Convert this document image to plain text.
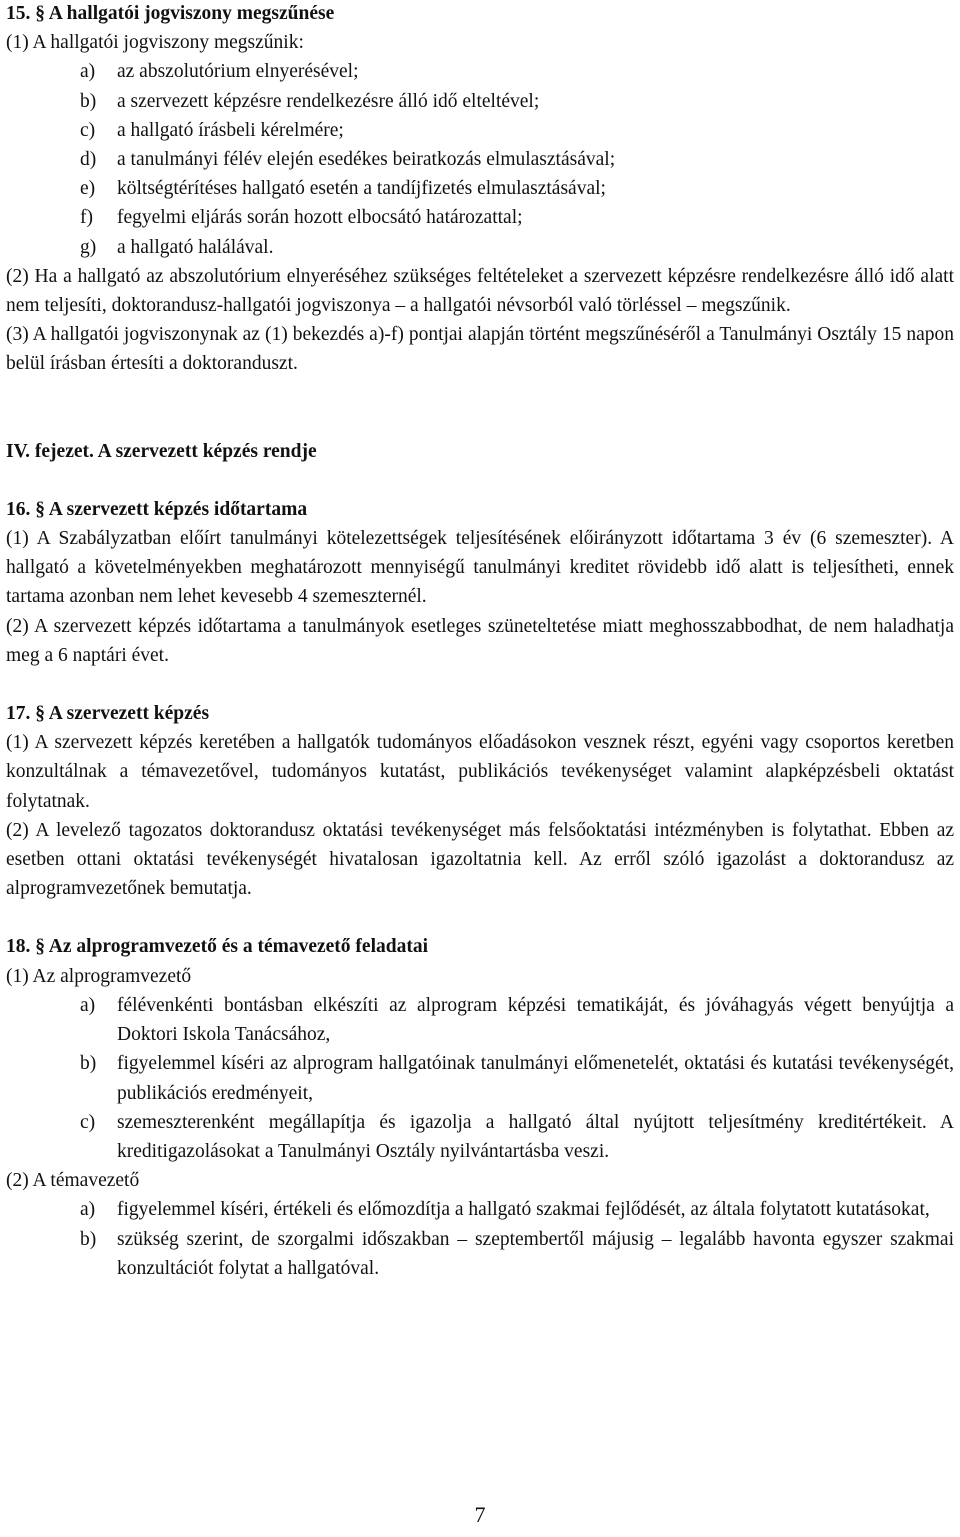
15. § A hallgatói jogviszony megszűnése

(1) A hallgatói jogviszony megszűnik:

a) az abszolutórium elnyerésével;

b) a szervezett képzésre rendelkezésre álló idő elteltével;

c) a hallgató írásbeli kérelmére;

d) a tanulmányi félév elején esedékes beiratkozás elmulasztásával;

e) költségtérítéses hallgató esetén a tandíjfizetés elmulasztásával;

f) fegyelmi eljárás során hozott elbocsátó határozattal;

g) a hallgató halálával.

(2) Ha a hallgató az abszolutórium elnyeréséhez szükséges feltételeket a szervezett képzésre rendelkezésre álló idő alatt nem teljesíti, doktorandusz-hallgatói jogviszonya – a hallgatói névsorból való törléssel – megszűnik.

(3) A hallgatói jogviszonynak az (1) bekezdés a)-f) pontjai alapján történt megszűnéséről a Tanulmányi Osztály 15 napon belül írásban értesíti a doktoranduszt.

IV. fejezet. A szervezett képzés rendje

16. § A szervezett képzés időtartama

(1) A Szabályzatban előírt tanulmányi kötelezettségek teljesítésének előirányzott időtartama 3 év (6 szemeszter). A hallgató a követelményekben meghatározott mennyiségű tanulmányi kreditet rövidebb idő alatt is teljesítheti, ennek tartama azonban nem lehet kevesebb 4 szemeszternél.

(2) A szervezett képzés időtartama a tanulmányok esetleges szüneteltetése miatt meghosszabbodhat, de nem haladhatja meg a 6 naptári évet.

17. § A szervezett képzés

(1) A szervezett képzés keretében a hallgatók tudományos előadásokon vesznek részt, egyéni vagy csoportos keretben konzultálnak a témavezetővel, tudományos kutatást, publikációs tevékenységet valamint alapképzésbeli oktatást folytatnak.

(2) A levelező tagozatos doktorandusz oktatási tevékenységet más felsőoktatási intézményben is folytathat. Ebben az esetben ottani oktatási tevékenységét hivatalosan igazoltatnia kell. Az erről szóló igazolást a doktorandusz az alprogramvezetőnek bemutatja.

18. § Az alprogramvezető és a témavezető feladatai

(1) Az alprogramvezető

a) félévenkénti bontásban elkészíti az alprogram képzési tematikáját, és jóváhagyás végett benyújtja a Doktori Iskola Tanácsához,

b) figyelemmel kíséri az alprogram hallgatóinak tanulmányi előmenetelét, oktatási és kutatási tevékenységét, publikációs eredményeit,

c) szemeszterenként megállapítja és igazolja a hallgató által nyújtott teljesítmény kreditértékeit. A kreditigazolásokat a Tanulmányi Osztály nyilvántartásba veszi.

(2) A témavezető

a) figyelemmel kíséri, értékeli és előmozdítja a hallgató szakmai fejlődését, az általa folytatott kutatásokat,

b) szükség szerint, de szorgalmi időszakban – szeptembertől májusig – legalább havonta egyszer szakmai konzultációt folytat a hallgatóval.

7
